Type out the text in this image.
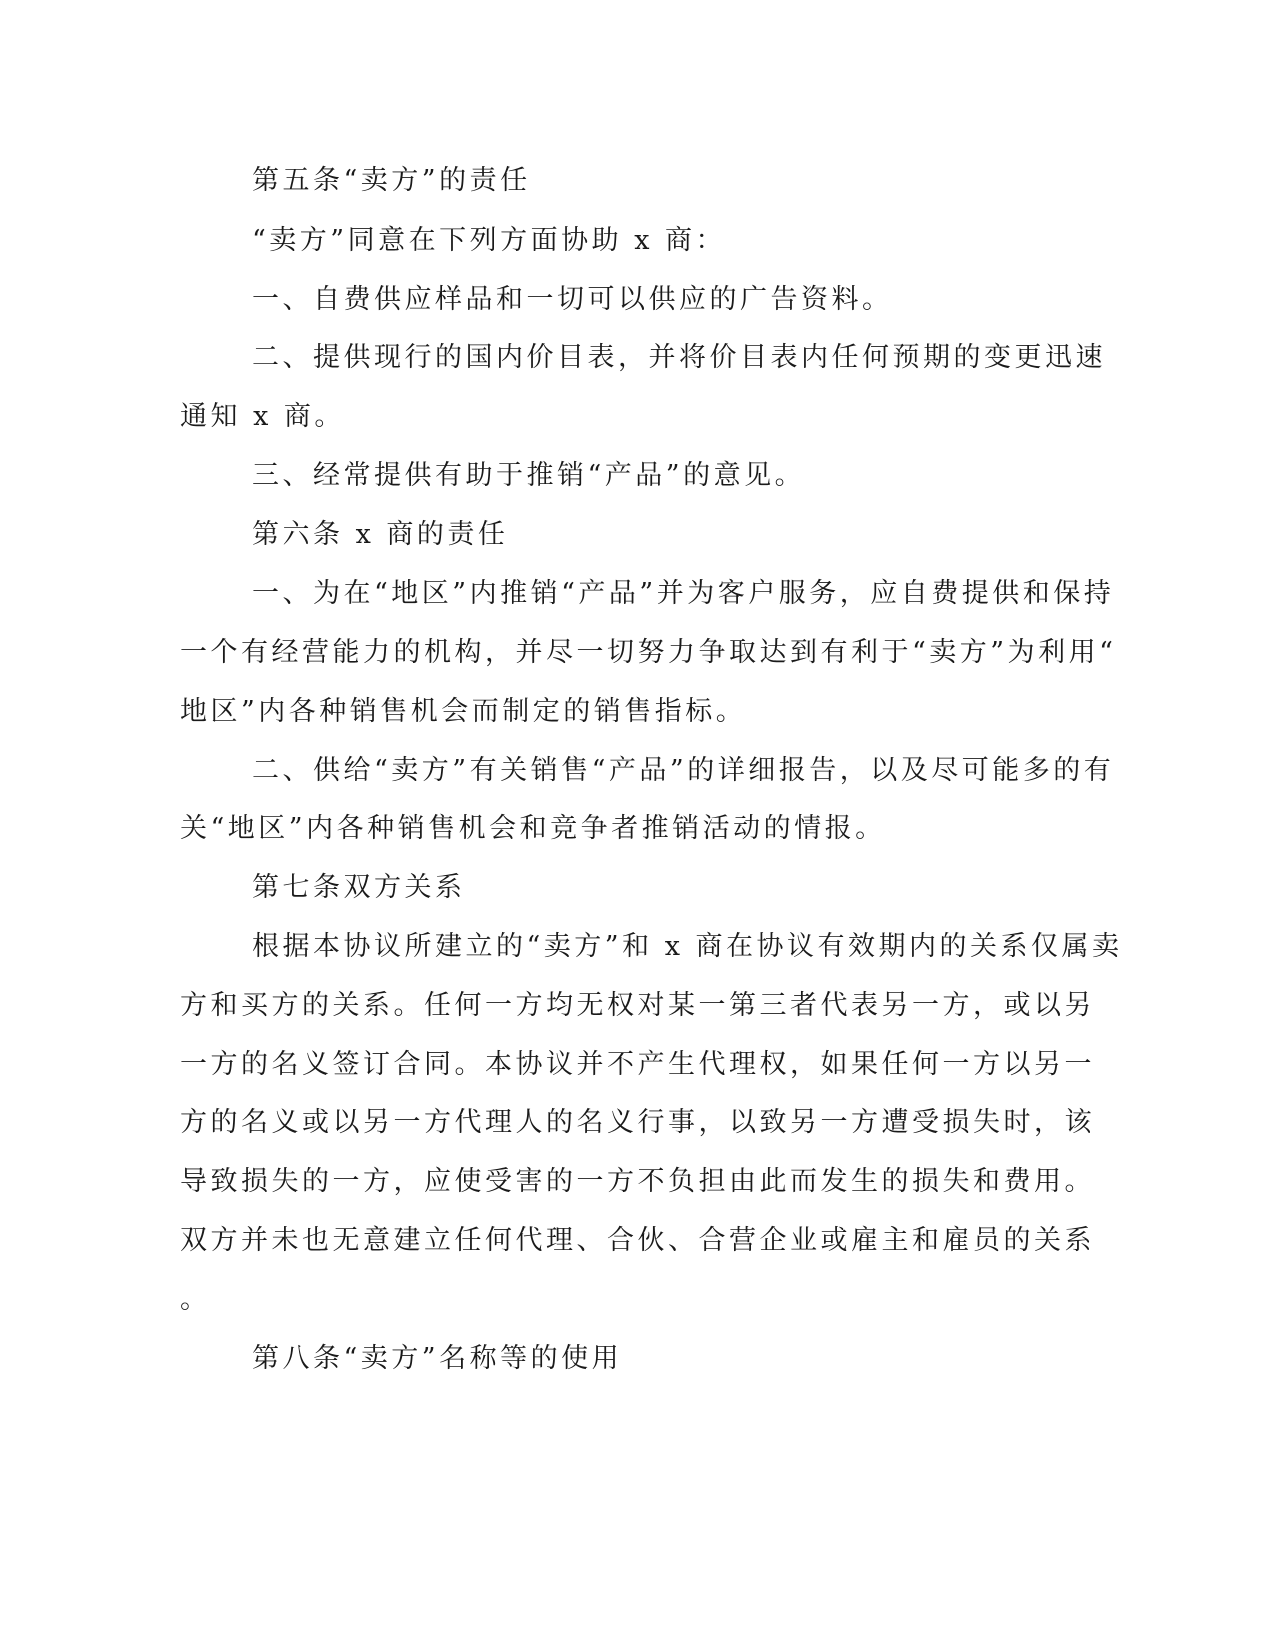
第五条“卖方”的责任
“卖方”同意在下列方面协助 x 商：
一、自费供应样品和一切可以供应的广告资料。
二、提供现行的国内价目表，并将价目表内任何预期的变更迅速
通知 x 商。
三、经常提供有助于推销“产品”的意见。
第六条 x 商的责任
一、为在“地区”内推销“产品”并为客户服务，应自费提供和保持
一个有经营能力的机构，并尽一切努力争取达到有利于“卖方”为利用“
地区”内各种销售机会而制定的销售指标。
二、供给“卖方”有关销售“产品”的详细报告，以及尽可能多的有
关“地区”内各种销售机会和竞争者推销活动的情报。
第七条双方关系
根据本协议所建立的“卖方”和 x 商在协议有效期内的关系仅属卖
方和买方的关系。任何一方均无权对某一第三者代表另一方，或以另
一方的名义签订合同。本协议并不产生代理权，如果任何一方以另一
方的名义或以另一方代理人的名义行事，以致另一方遭受损失时，该
导致损失的一方，应使受害的一方不负担由此而发生的损失和费用。
双方并未也无意建立任何代理、合伙、合营企业或雇主和雇员的关系
。
第八条“卖方”名称等的使用
